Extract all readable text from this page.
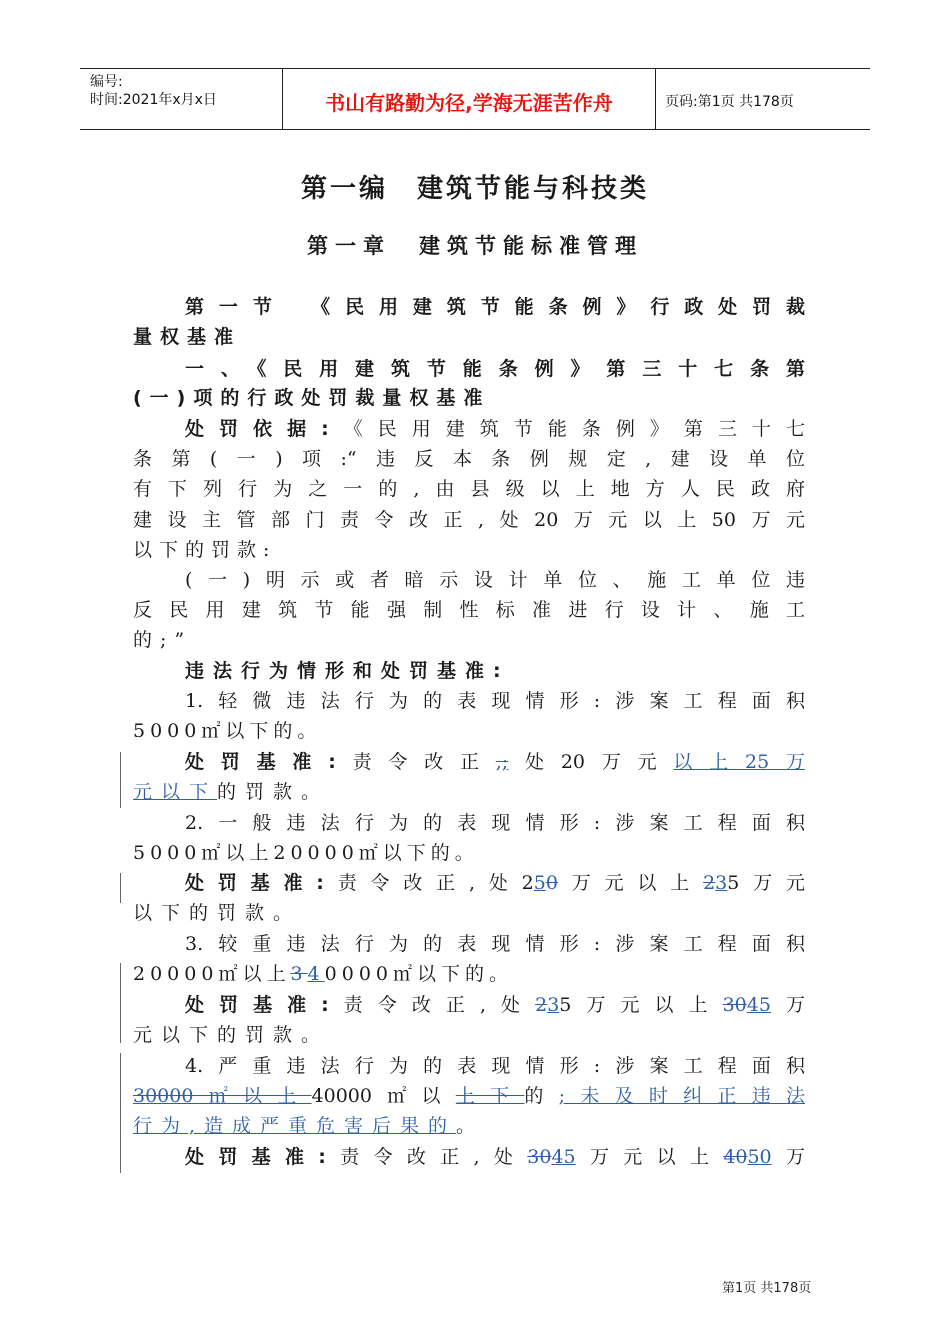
编号:
时间:2021年x月x日	书山有路勤为径,学海无涯苦作舟	页码:第1页 共178页
第一编　建筑节能与科技类
第一章　建筑节能标准管理
第一节　《民用建筑节能条例》行政处罚裁
量权基准
一、《民用建筑节能条例》第三十七条第
(一)项的行政处罚裁量权基准
处罚依据:《民用建筑节能条例》第三十七
条第(一)项:“违反本条例规定,建设单位
有下列行为之一的,由县级以上地方人民政府
建设主管部门责令改正,处20万元以上50万元
以下的罚款:
(一)明示或者暗示设计单位、施工单位违
反民用建筑节能强制性标准进行设计、施工
的;”
违法行为情形和处罚基准:
1.轻微违法行为的表现情形:涉案工程面积
5000㎡以下的。
处罚基准:责令改正,;处20万元以上25万
元以下的罚款。
2.一般违法行为的表现情形:涉案工程面积
5000㎡以上20000㎡以下的。
处罚基准:责令改正,处250万元以上235万元
以下的罚款。
3.较重违法行为的表现情形:涉案工程面积
20000㎡以上340000㎡以下的。
处罚基准:责令改正,处235万元以上3045万
元以下的罚款。
4.严重违法行为的表现情形:涉案工程面积
30000㎡以上40000㎡以上下的;未及时纠正违法
行为,造成严重危害后果的。
处罚基准:责令改正,处3045万元以上4050万
第1页 共178页
